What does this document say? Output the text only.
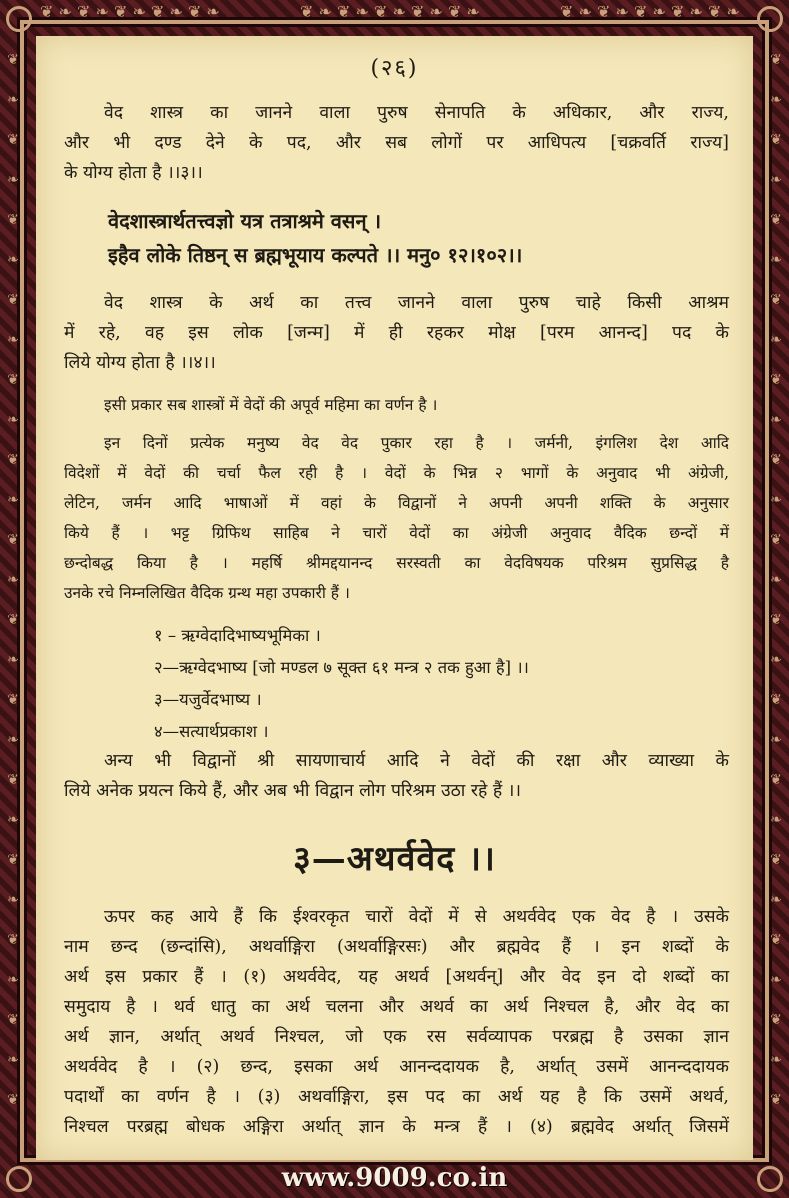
❦ ❧ ❦ ❧ ❦ ❧ ❦ ❧ ❦ ❧	❦ ❧ ❦ ❧ ❦ ❧ ❦ ❧ ❦ ❧	❦ ❧ ❦ ❧ ❦ ❧ ❦ ❧ ❦ ❧
❦
❧
❦
❧
❦
❧
❦
❧
❦
❧
❦
❧
❦
❧
❦
❧
❦
❧
❦
❧
❦
❧
❦
❧
❦
❧
❦
❦
❧
❦
❧
❦
❧
❦
❧
❦
❧
❦
❧
❦
❧
❦
❧
❦
❧
❦
❧
❦
❧
❦
❧
❦
❧
❦
(२६)
वेद शास्त्र का जानने वाला पुरुष सेनापति के अधिकार, और राज्य,
और भी दण्ड देने के पद, और सब लोगों पर आधिपत्य [चक्रवर्ति राज्य]
के योग्य होता है ।।३।।
वेदशास्त्रार्थतत्त्वज्ञो यत्र तत्राश्रमे वसन् ।
इहैव लोके तिष्ठन् स ब्रह्मभूयाय कल्पते ।। मनु० १२।१०२।।
वेद शास्त्र के अर्थ का तत्त्व जानने वाला पुरुष चाहे किसी आश्रम
में रहे, वह इस लोक [जन्म] में ही रहकर मोक्ष [परम आनन्द] पद के
लिये योग्य होता है ।।४।।
इसी प्रकार सब शास्त्रों में वेदों की अपूर्व महिमा का वर्णन है ।
इन दिनों प्रत्येक मनुष्य वेद वेद पुकार रहा है । जर्मनी, इंगलिश देश आदि
विदेशों में वेदों की चर्चा फैल रही है । वेदों के भिन्न २ भागों के अनुवाद भी अंग्रेजी,
लेटिन, जर्मन आदि भाषाओं में वहां के विद्वानों ने अपनी अपनी शक्ति के अनुसार
किये हैं । भट्ट ग्रिफिथ साहिब ने चारों वेदों का अंग्रेजी अनुवाद वैदिक छन्दों में
छन्दोबद्ध किया है । महर्षि श्रीमद्दयानन्द सरस्वती का वेदविषयक परिश्रम सुप्रसिद्ध है
उनके रचे निम्नलिखित वैदिक ग्रन्थ महा उपकारी हैं ।
१ – ऋग्वेदादिभाष्यभूमिका ।
२—ऋग्वेदभाष्य [जो मण्डल ७ सूक्त ६१ मन्त्र २ तक हुआ है] ।।
३—यजुर्वेदभाष्य ।
४—सत्यार्थप्रकाश ।
अन्य भी विद्वानों श्री सायणाचार्य आदि ने वेदों की रक्षा और व्याख्या के
लिये अनेक प्रयत्न किये हैं, और अब भी विद्वान लोग परिश्रम उठा रहे हैं ।।
३—अथर्ववेद ।।
ऊपर कह आये हैं कि ईश्वरकृत चारों वेदों में से अथर्ववेद एक वेद है । उसके
नाम छन्द (छन्दांसि), अथर्वाङ्गिरा (अथर्वाङ्गिरसः) और ब्रह्मवेद हैं । इन शब्दों के
अर्थ इस प्रकार हैं । (१) अथर्ववेद, यह अथर्व [अथर्वन्] और वेद इन दो शब्दों का
समुदाय है । थर्व धातु का अर्थ चलना और अथर्व का अर्थ निश्चल है, और वेद का
अर्थ ज्ञान, अर्थात् अथर्व निश्चल, जो एक रस सर्वव्यापक परब्रह्म है उसका ज्ञान
अथर्ववेद है । (२) छन्द, इसका अर्थ आनन्ददायक है, अर्थात् उसमें आनन्ददायक
पदार्थों का वर्णन है । (३) अथर्वाङ्गिरा, इस पद का अर्थ यह है कि उसमें अथर्व,
निश्चल परब्रह्म बोधक अङ्गिरा अर्थात् ज्ञान के मन्त्र हैं । (४) ब्रह्मवेद अर्थात् जिसमें
www.9009.co.in
